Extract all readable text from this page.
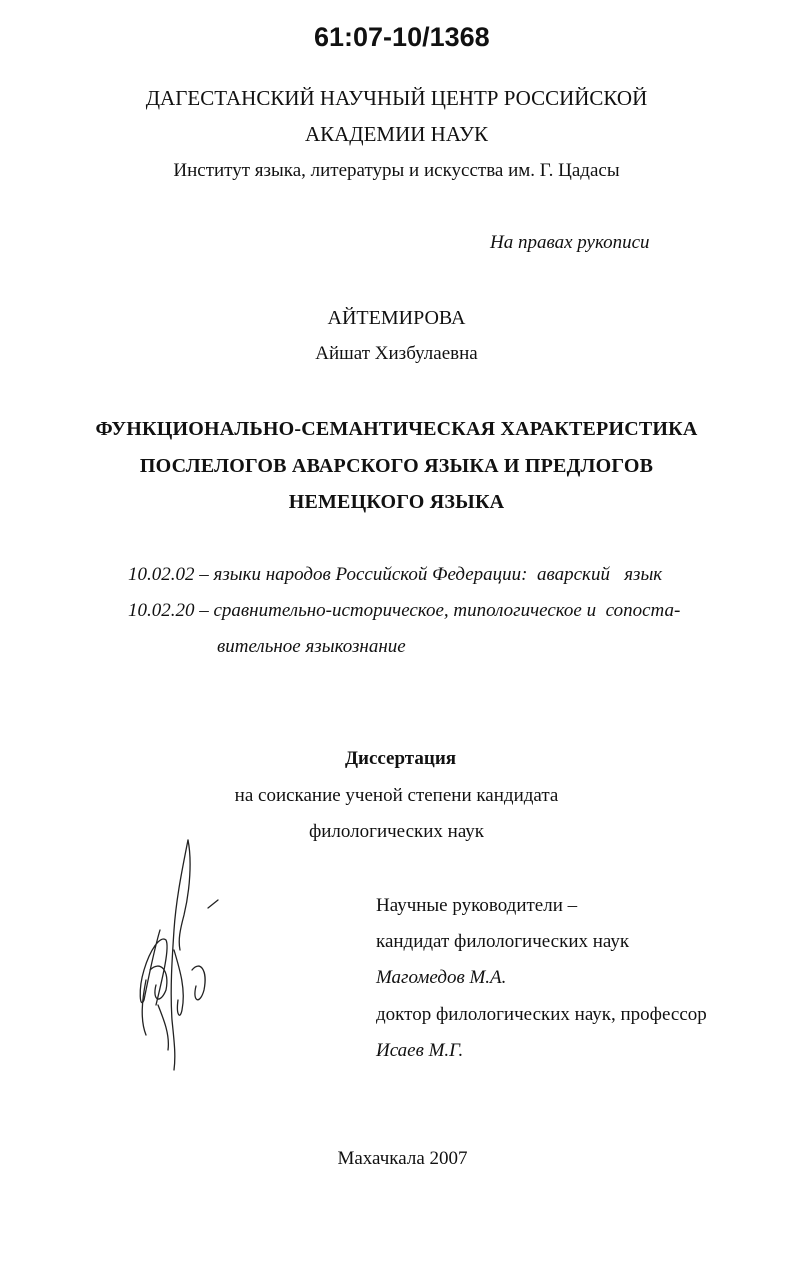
61:07-10/1368
ДАГЕСТАНСКИЙ НАУЧНЫЙ ЦЕНТР РОССИЙСКОЙ
АКАДЕМИИ НАУК
Институт языка, литературы и искусства им. Г. Цадасы
На правах рукописи
АЙТЕМИРОВА
Айшат Хизбулаевна
ФУНКЦИОНАЛЬНО-СЕМАНТИЧЕСКАЯ ХАРАКТЕРИСТИКА
ПОСЛЕЛОГОВ АВАРСКОГО ЯЗЫКА И ПРЕДЛОГОВ
НЕМЕЦКОГО ЯЗЫКА
10.02.02 – языки народов Российской Федерации:  аварский   язык
10.02.20 – сравнительно-историческое, типологическое и  сопоста-
вительное языкознание
Диссертация
на соискание ученой степени кандидата
филологических наук
Научные руководители –
кандидат филологических наук
Магомедов М.А.
доктор филологических наук, профессор
Исаев М.Г.
Махачкала 2007
